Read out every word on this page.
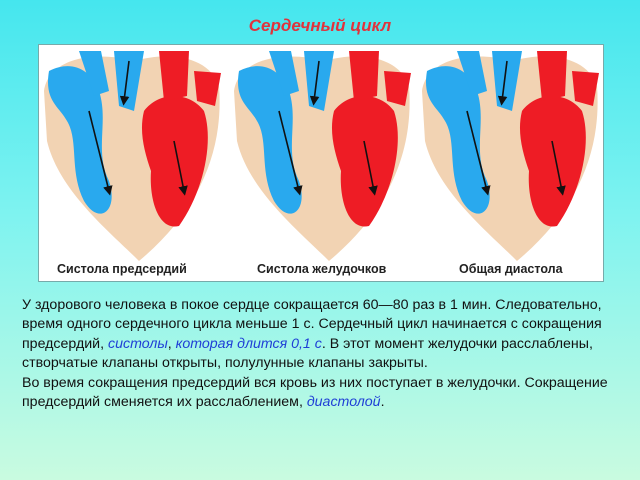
Сердечный цикл
Систола предсердий	Систола желудочков	Общая диастола

У здорового человека в покое сердце сокращается 60—80 раз в 1 мин. Следовательно, время одного сердечного цикла меньше 1 с. Сердечный цикл начинается с сокращения предсердий, систолы, которая длится 0,1 с. В этот момент желудочки расслаблены, створчатые клапаны открыты, полулунные клапаны закрыты.

Во время сокращения предсердий вся кровь из них поступает в желудочки. Сокращение предсердий сменяется их расслаблением, диастолой.
